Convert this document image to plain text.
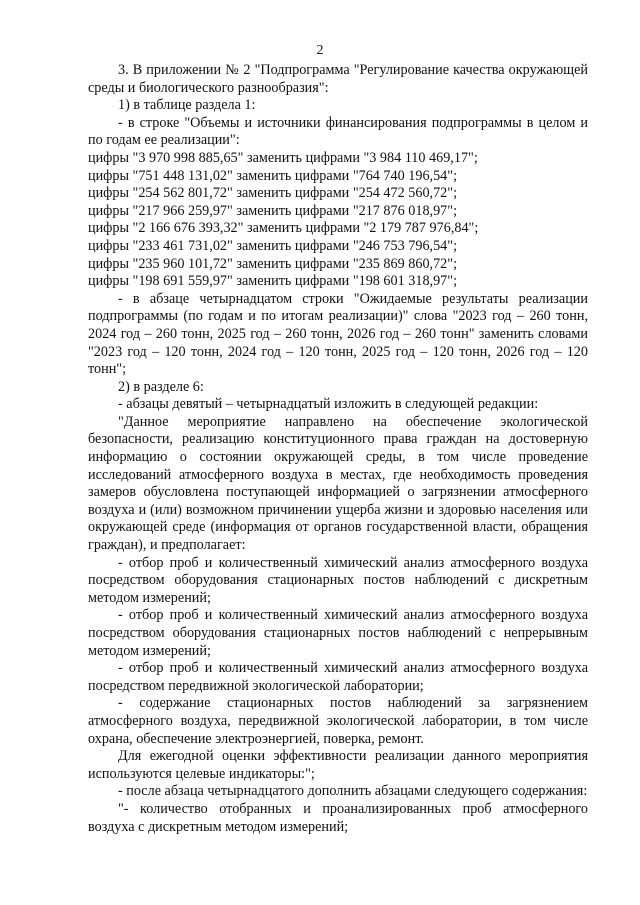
2

3. В приложении № 2 "Подпрограмма "Регулирование качества окружающей среды и биологического разнообразия":

1) в таблице раздела 1:

- в строке "Объемы и источники финансирования подпрограммы в целом и по годам ее реализации":

цифры "3 970 998 885,65" заменить цифрами "3 984 110 469,17";

цифры "751 448 131,02" заменить цифрами "764 740 196,54";

цифры "254 562 801,72" заменить цифрами "254 472 560,72";

цифры "217 966 259,97" заменить цифрами "217 876 018,97";

цифры "2 166 676 393,32" заменить цифрами "2 179 787 976,84";

цифры "233 461 731,02" заменить цифрами "246 753 796,54";

цифры "235 960 101,72" заменить цифрами "235 869 860,72";

цифры "198 691 559,97" заменить цифрами "198 601 318,97";

- в абзаце четырнадцатом строки "Ожидаемые результаты реализации подпрограммы (по годам и по итогам реализации)" слова "2023 год – 260 тонн, 2024 год – 260 тонн, 2025 год – 260 тонн, 2026 год – 260 тонн" заменить словами "2023 год – 120 тонн, 2024 год – 120 тонн, 2025 год – 120 тонн, 2026 год – 120 тонн";

2) в разделе 6:

- абзацы девятый – четырнадцатый изложить в следующей редакции:

"Данное мероприятие направлено на обеспечение экологической безопасности, реализацию конституционного права граждан на достоверную информацию о состоянии окружающей среды, в том числе проведение исследований атмосферного воздуха в местах, где необходимость проведения замеров обусловлена поступающей информацией о загрязнении атмосферного воздуха и (или) возможном причинении ущерба жизни и здоровью населения или окружающей среде (информация от органов государственной власти, обращения граждан), и предполагает:

- отбор проб и количественный химический анализ атмосферного воздуха посредством оборудования стационарных постов наблюдений с дискретным методом измерений;

- отбор проб и количественный химический анализ атмосферного воздуха посредством оборудования стационарных постов наблюдений с непрерывным методом измерений;

- отбор проб и количественный химический анализ атмосферного воздуха посредством передвижной экологической лаборатории;

- содержание стационарных постов наблюдений за загрязнением атмосферного воздуха, передвижной экологической лаборатории, в том числе охрана, обеспечение электроэнергией, поверка, ремонт.

Для ежегодной оценки эффективности реализации данного мероприятия используются целевые индикаторы:";

- после абзаца четырнадцатого дополнить абзацами следующего содержания:

"- количество отобранных и проанализированных проб атмосферного воздуха с дискретным методом измерений;
